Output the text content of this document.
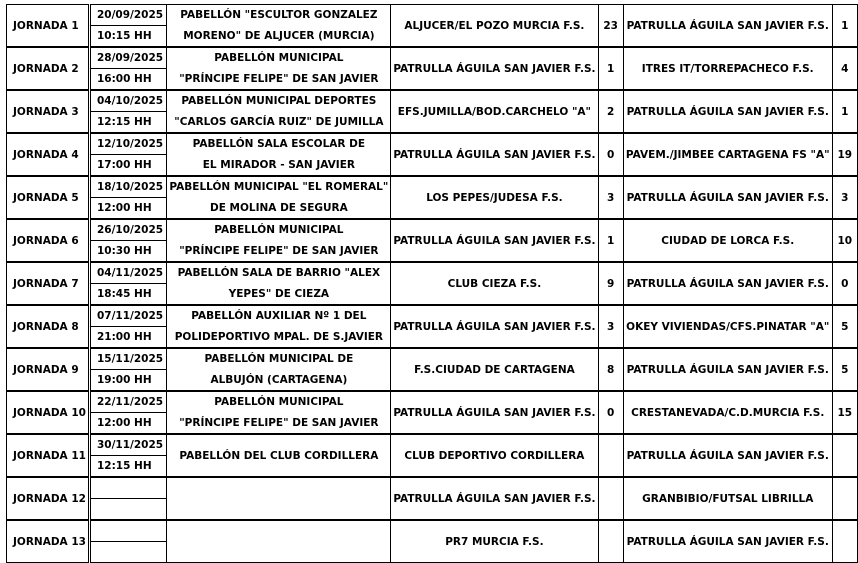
JORNADA 1	20/09/2025	PABELLÓN "ESCULTOR GONZALEZ	ALJUCER/EL POZO MURCIA F.S.	23	PATRULLA ÁGUILA SAN JAVIER F.S.	1
	10:15 HH	MORENO" DE ALJUCER (MURCIA)				

JORNADA 2	28/09/2025	PABELLÓN MUNICIPAL	PATRULLA ÁGUILA SAN JAVIER F.S.	1	ITRES IT/TORREPACHECO F.S.	4
	16:00 HH	"PRÍNCIPE FELIPE" DE SAN JAVIER				

JORNADA 3	04/10/2025	PABELLÓN MUNICIPAL DEPORTES	EFS.JUMILLA/BOD.CARCHELO "A"	2	PATRULLA ÁGUILA SAN JAVIER F.S.	1
	12:15 HH	"CARLOS GARCÍA RUIZ" DE JUMILLA				

JORNADA 4	12/10/2025	PABELLÓN SALA ESCOLAR DE	PATRULLA ÁGUILA SAN JAVIER F.S.	0	PAVEM./JIMBEE CARTAGENA FS "A"	19
	17:00 HH	EL MIRADOR - SAN JAVIER				

JORNADA 5	18/10/2025	PABELLÓN MUNICIPAL "EL ROMERAL"	LOS PEPES/JUDESA F.S.	3	PATRULLA ÁGUILA SAN JAVIER F.S.	3
	12:00 HH	DE MOLINA DE SEGURA				

JORNADA 6	26/10/2025	PABELLÓN MUNICIPAL	PATRULLA ÁGUILA SAN JAVIER F.S.	1	CIUDAD DE LORCA F.S.	10
	10:30 HH	"PRÍNCIPE FELIPE" DE SAN JAVIER				

JORNADA 7	04/11/2025	PABELLÓN SALA DE BARRIO "ALEX	CLUB CIEZA F.S.	9	PATRULLA ÁGUILA SAN JAVIER F.S.	0
	18:45 HH	YEPES" DE CIEZA				

JORNADA 8	07/11/2025	PABELLÓN AUXILIAR Nº 1 DEL	PATRULLA ÁGUILA SAN JAVIER F.S.	3	OKEY VIVIENDAS/CFS.PINATAR "A"	5
	21:00 HH	POLIDEPORTIVO MPAL. DE S.JAVIER				

JORNADA 9	15/11/2025	PABELLÓN MUNICIPAL DE	F.S.CIUDAD DE CARTAGENA	8	PATRULLA ÁGUILA SAN JAVIER F.S.	5
	19:00 HH	ALBUJÓN (CARTAGENA)				

JORNADA 10	22/11/2025	PABELLÓN MUNICIPAL	PATRULLA ÁGUILA SAN JAVIER F.S.	0	CRESTANEVADA/C.D.MURCIA F.S.	15
	12:00 HH	"PRÍNCIPE FELIPE" DE SAN JAVIER				

JORNADA 11	30/11/2025	PABELLÓN DEL CLUB CORDILLERA	CLUB DEPORTIVO CORDILLERA		PATRULLA ÁGUILA SAN JAVIER F.S.	
	12:15 HH					

JORNADA 12			PATRULLA ÁGUILA SAN JAVIER F.S.		GRANBIBIO/FUTSAL LIBRILLA	

JORNADA 13			PR7 MURCIA F.S.		PATRULLA ÁGUILA SAN JAVIER F.S.	
